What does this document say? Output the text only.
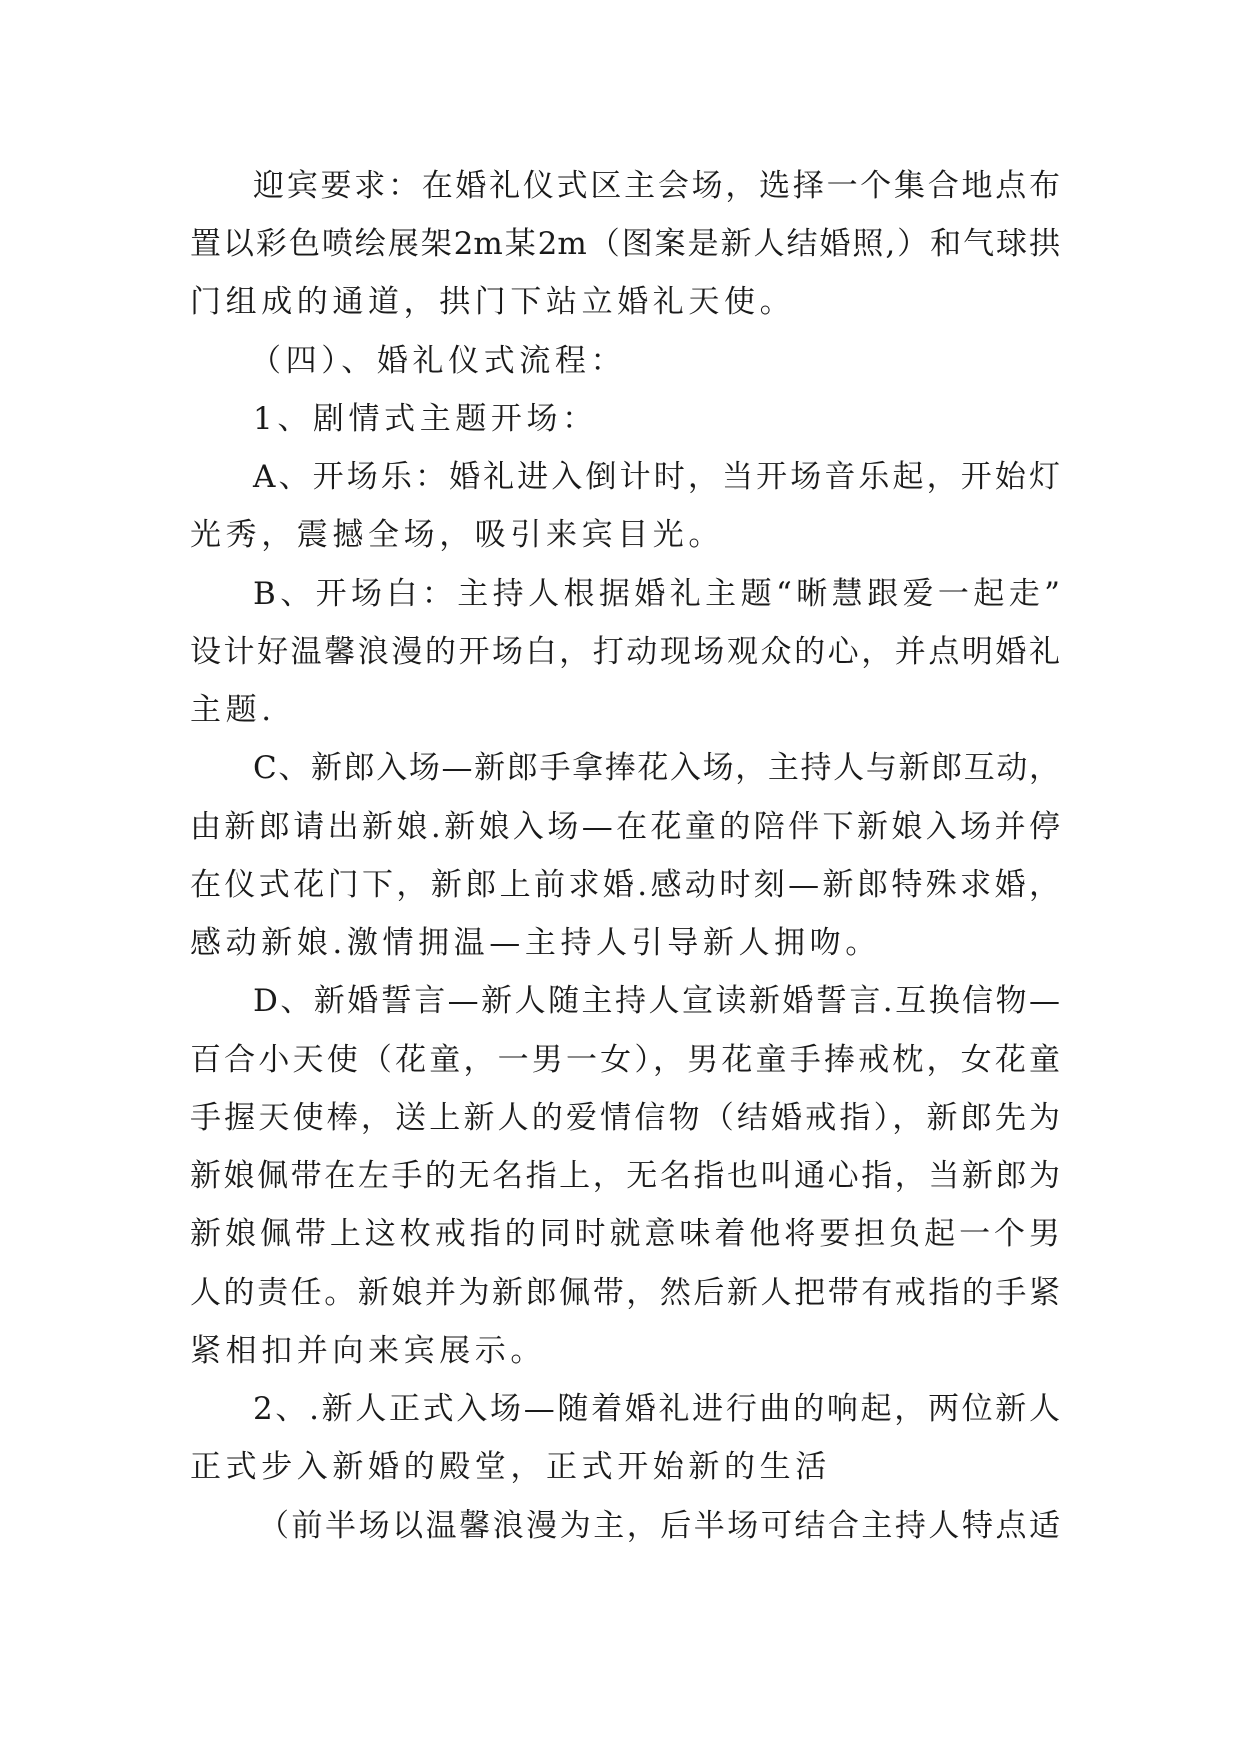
迎宾要求：在婚礼仪式区主会场，选择一个集合地点布
置以彩色喷绘展架2m某2m（图案是新人结婚照,）和气球拱
门组成的通道，拱门下站立婚礼天使。
（四）、婚礼仪式流程：
1、剧情式主题开场：
A、开场乐：婚礼进入倒计时，当开场音乐起，开始灯
光秀，震撼全场，吸引来宾目光。
B、开场白：主持人根据婚礼主题“晰慧跟爱一起走”
设计好温馨浪漫的开场白，打动现场观众的心，并点明婚礼
主题.
C、新郎入场—新郎手拿捧花入场，主持人与新郎互动，
由新郎请出新娘.新娘入场—在花童的陪伴下新娘入场并停
在仪式花门下，新郎上前求婚.感动时刻—新郎特殊求婚，
感动新娘.激情拥温—主持人引导新人拥吻。
D、新婚誓言—新人随主持人宣读新婚誓言.互换信物—
百合小天使（花童，一男一女），男花童手捧戒枕，女花童
手握天使棒，送上新人的爱情信物（结婚戒指），新郎先为
新娘佩带在左手的无名指上，无名指也叫通心指，当新郎为
新娘佩带上这枚戒指的同时就意味着他将要担负起一个男
人的责任。新娘并为新郎佩带，然后新人把带有戒指的手紧
紧相扣并向来宾展示。
2、.新人正式入场—随着婚礼进行曲的响起，两位新人
正式步入新婚的殿堂，正式开始新的生活
（前半场以温馨浪漫为主，后半场可结合主持人特点适
